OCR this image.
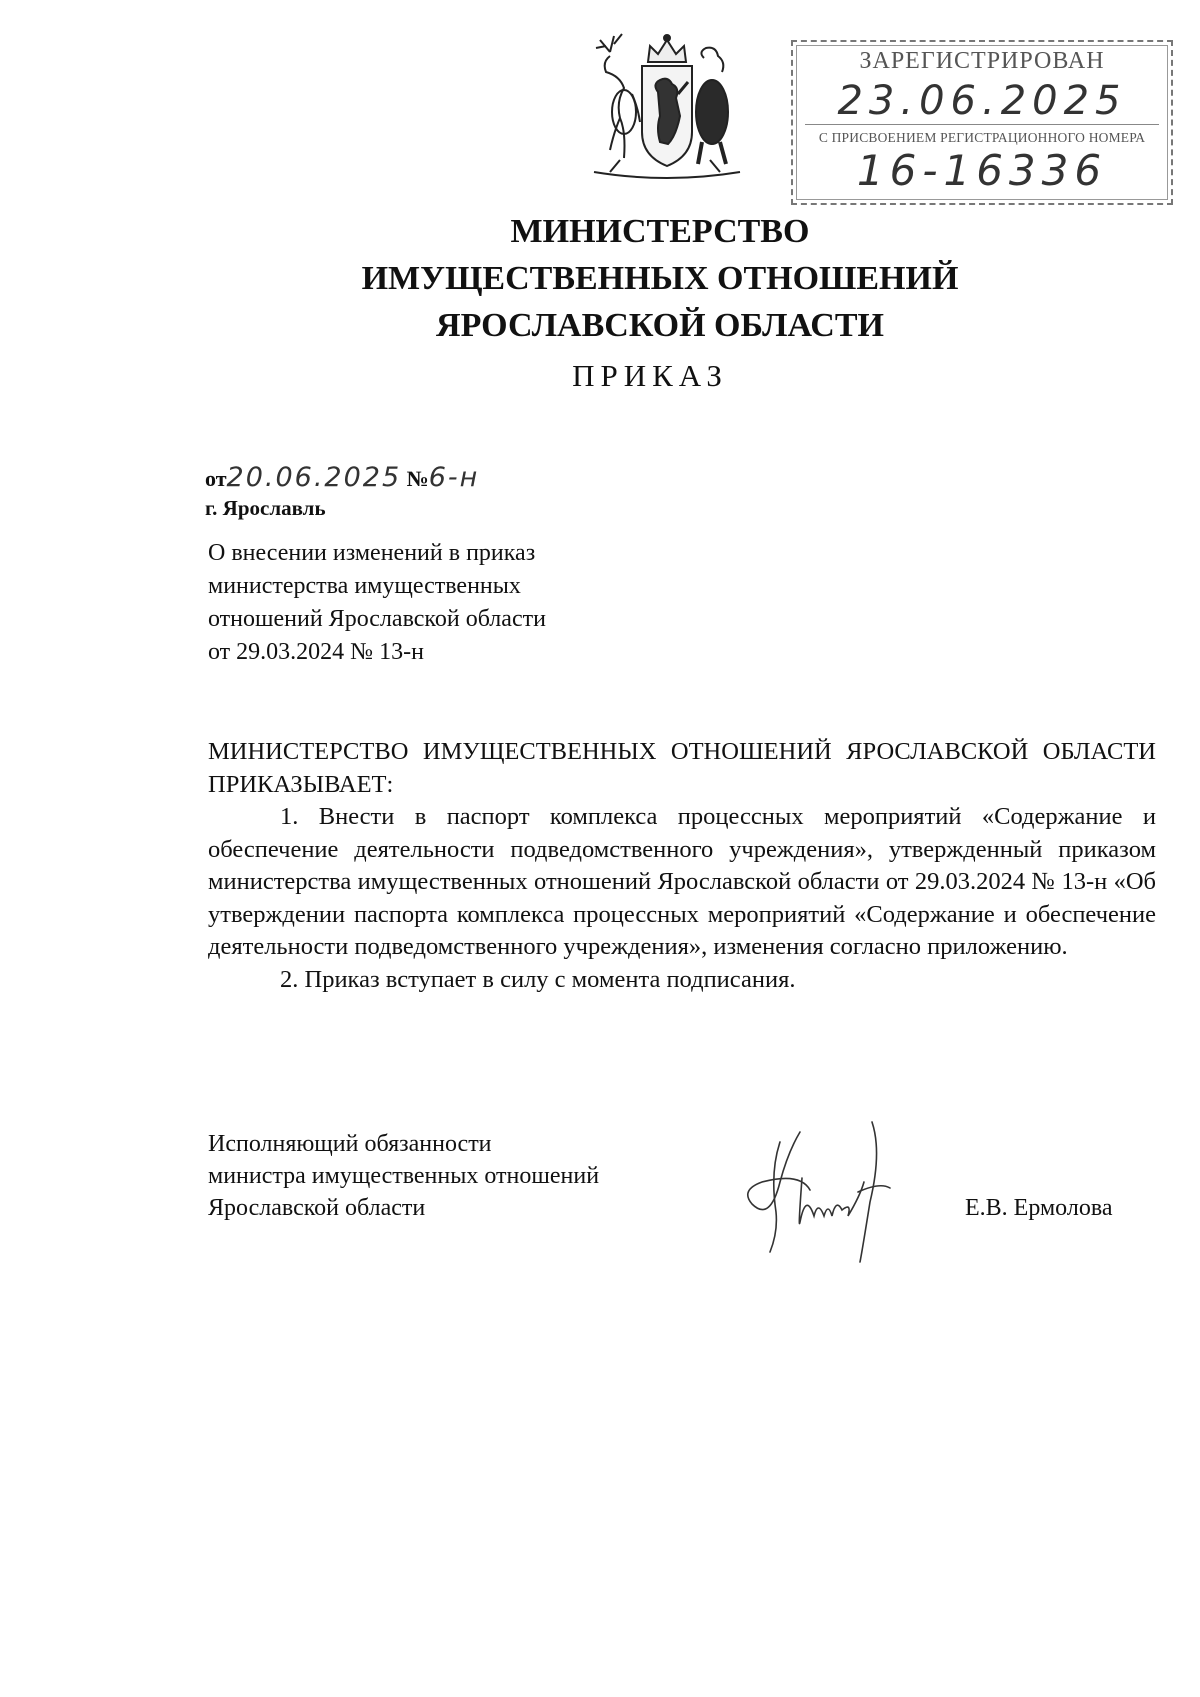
ЗАРЕГИСТРИРОВАН
23.06.2025
С ПРИСВОЕНИЕМ РЕГИСТРАЦИОННОГО НОМЕРА
16-16336
МИНИСТЕРСТВО
ИМУЩЕСТВЕННЫХ ОТНОШЕНИЙ
ЯРОСЛАВСКОЙ ОБЛАСТИ
ПРИКАЗ
от20.06.2025 №6-н
г. Ярославль
О внесении изменений в приказ
министерства имущественных
отношений Ярославской области
от 29.03.2024 № 13-н

МИНИСТЕРСТВО ИМУЩЕСТВЕННЫХ ОТНОШЕНИЙ ЯРОСЛАВСКОЙ ОБЛАСТИ ПРИКАЗЫВАЕТ:

1. Внести в паспорт комплекса процессных мероприятий «Содержание и обеспечение деятельности подведомственного учреждения», утвержденный приказом министерства имущественных отношений Ярославской области от 29.03.2024 № 13-н «Об утверждении паспорта комплекса процессных мероприятий «Содержание и обеспечение деятельности подведомственного учреждения», изменения согласно приложению.

2. Приказ вступает в силу с момента подписания.

Исполняющий обязанности
министра имущественных отношений
Ярославской области	Е.В. Ермолова
